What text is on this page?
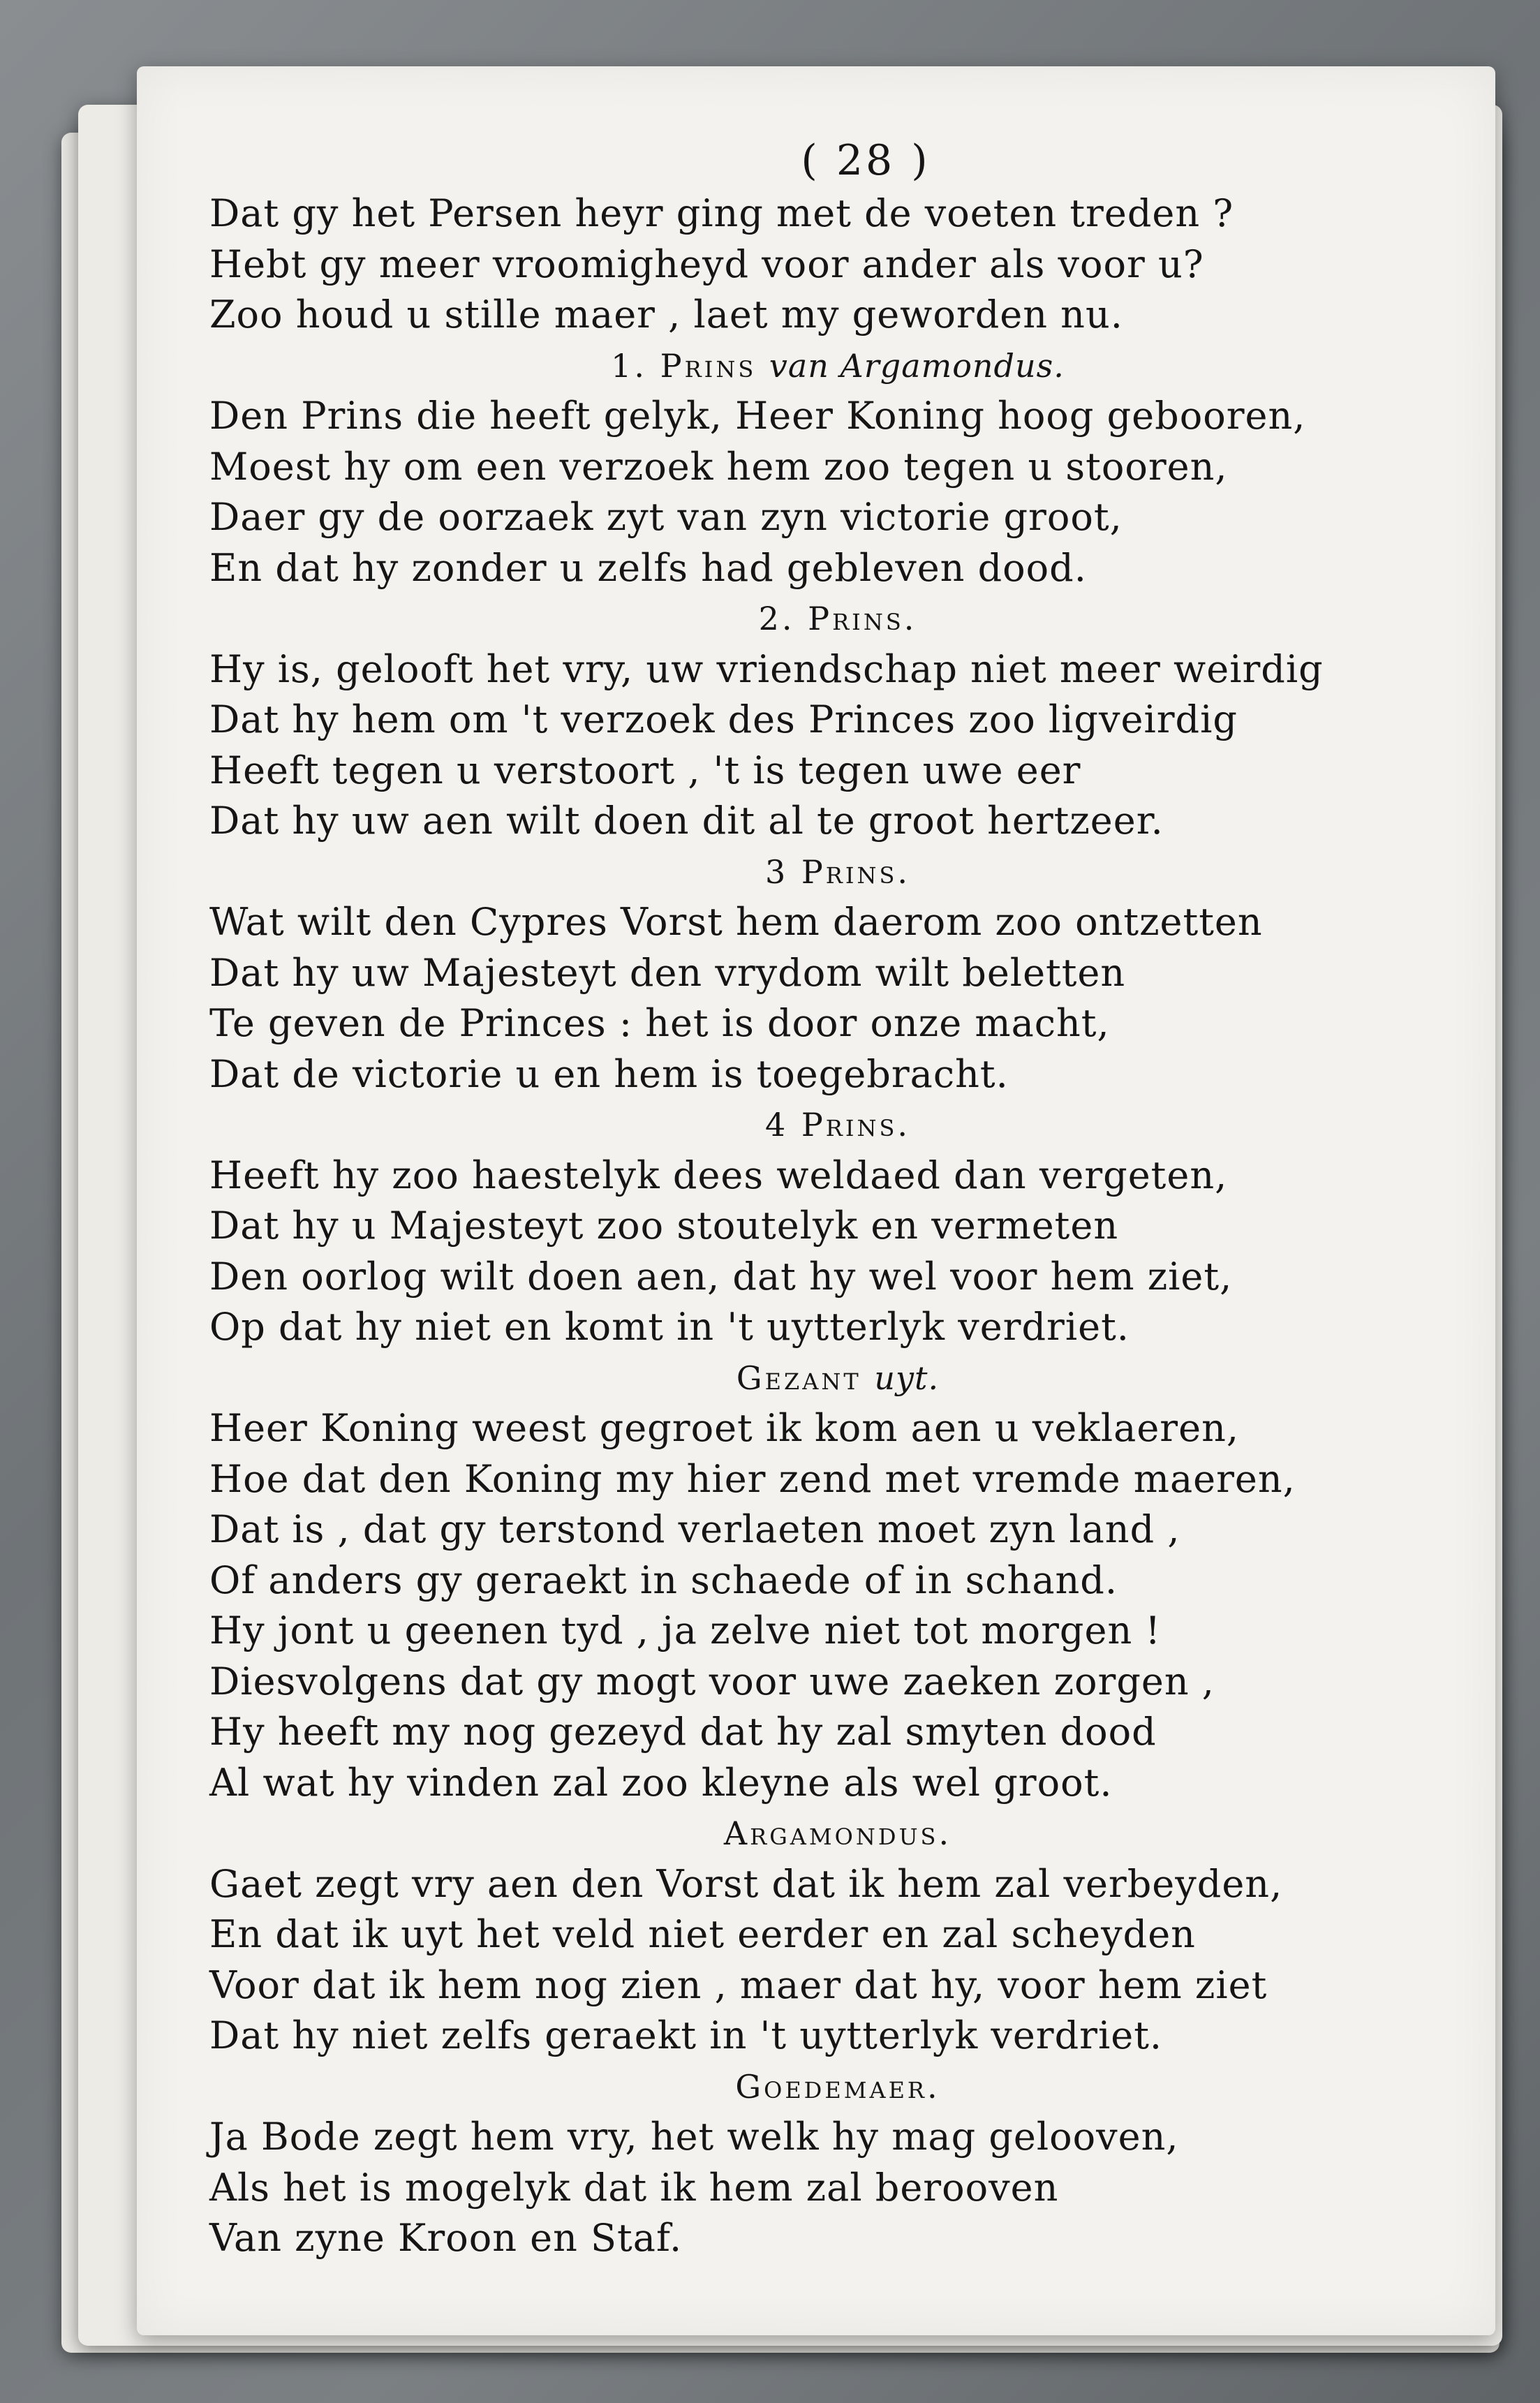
( 28 )
Dat gy het Persen heyr ging met de voeten treden ?
Hebt gy meer vroomigheyd voor ander als voor u?
Zoo houd u stille maer , laet my geworden nu.
1. Prins van Argamondus.
Den Prins die heeft gelyk, Heer Koning hoog gebooren,
Moest hy om een verzoek hem zoo tegen u stooren,
Daer gy de oorzaek zyt van zyn victorie groot,
En dat hy zonder u zelfs had gebleven dood.
2. Prins.
Hy is, gelooft het vry, uw vriendschap niet meer weirdig
Dat hy hem om 't verzoek des Princes zoo ligveirdig
Heeft tegen u verstoort , 't is tegen uwe eer
Dat hy uw aen wilt doen dit al te groot hertzeer.
3 Prins.
Wat wilt den Cypres Vorst hem daerom zoo ontzetten
Dat hy uw Majesteyt den vrydom wilt beletten
Te geven de Princes : het is door onze macht,
Dat de victorie u en hem is toegebracht.
4 Prins.
Heeft hy zoo haestelyk dees weldaed dan vergeten,
Dat hy u Majesteyt zoo stoutelyk en vermeten
Den oorlog wilt doen aen, dat hy wel voor hem ziet,
Op dat hy niet en komt in 't uytterlyk verdriet.
Gezant uyt.
Heer Koning weest gegroet ik kom aen u veklaeren,
Hoe dat den Koning my hier zend met vremde maeren,
Dat is , dat gy terstond verlaeten moet zyn land ,
Of anders gy geraekt in schaede of in schand.
Hy jont u geenen tyd , ja zelve niet tot morgen !
Diesvolgens dat gy mogt voor uwe zaeken zorgen ,
Hy heeft my nog gezeyd dat hy zal smyten dood
Al wat hy vinden zal zoo kleyne als wel groot.
Argamondus.
Gaet zegt vry aen den Vorst dat ik hem zal verbeyden,
En dat ik uyt het veld niet eerder en zal scheyden
Voor dat ik hem nog zien , maer dat hy, voor hem ziet
Dat hy niet zelfs geraekt in 't uytterlyk verdriet.
Goedemaer.
Ja Bode zegt hem vry, het welk hy mag gelooven,
Als het is mogelyk dat ik hem zal berooven
Van zyne Kroon en Staf.
